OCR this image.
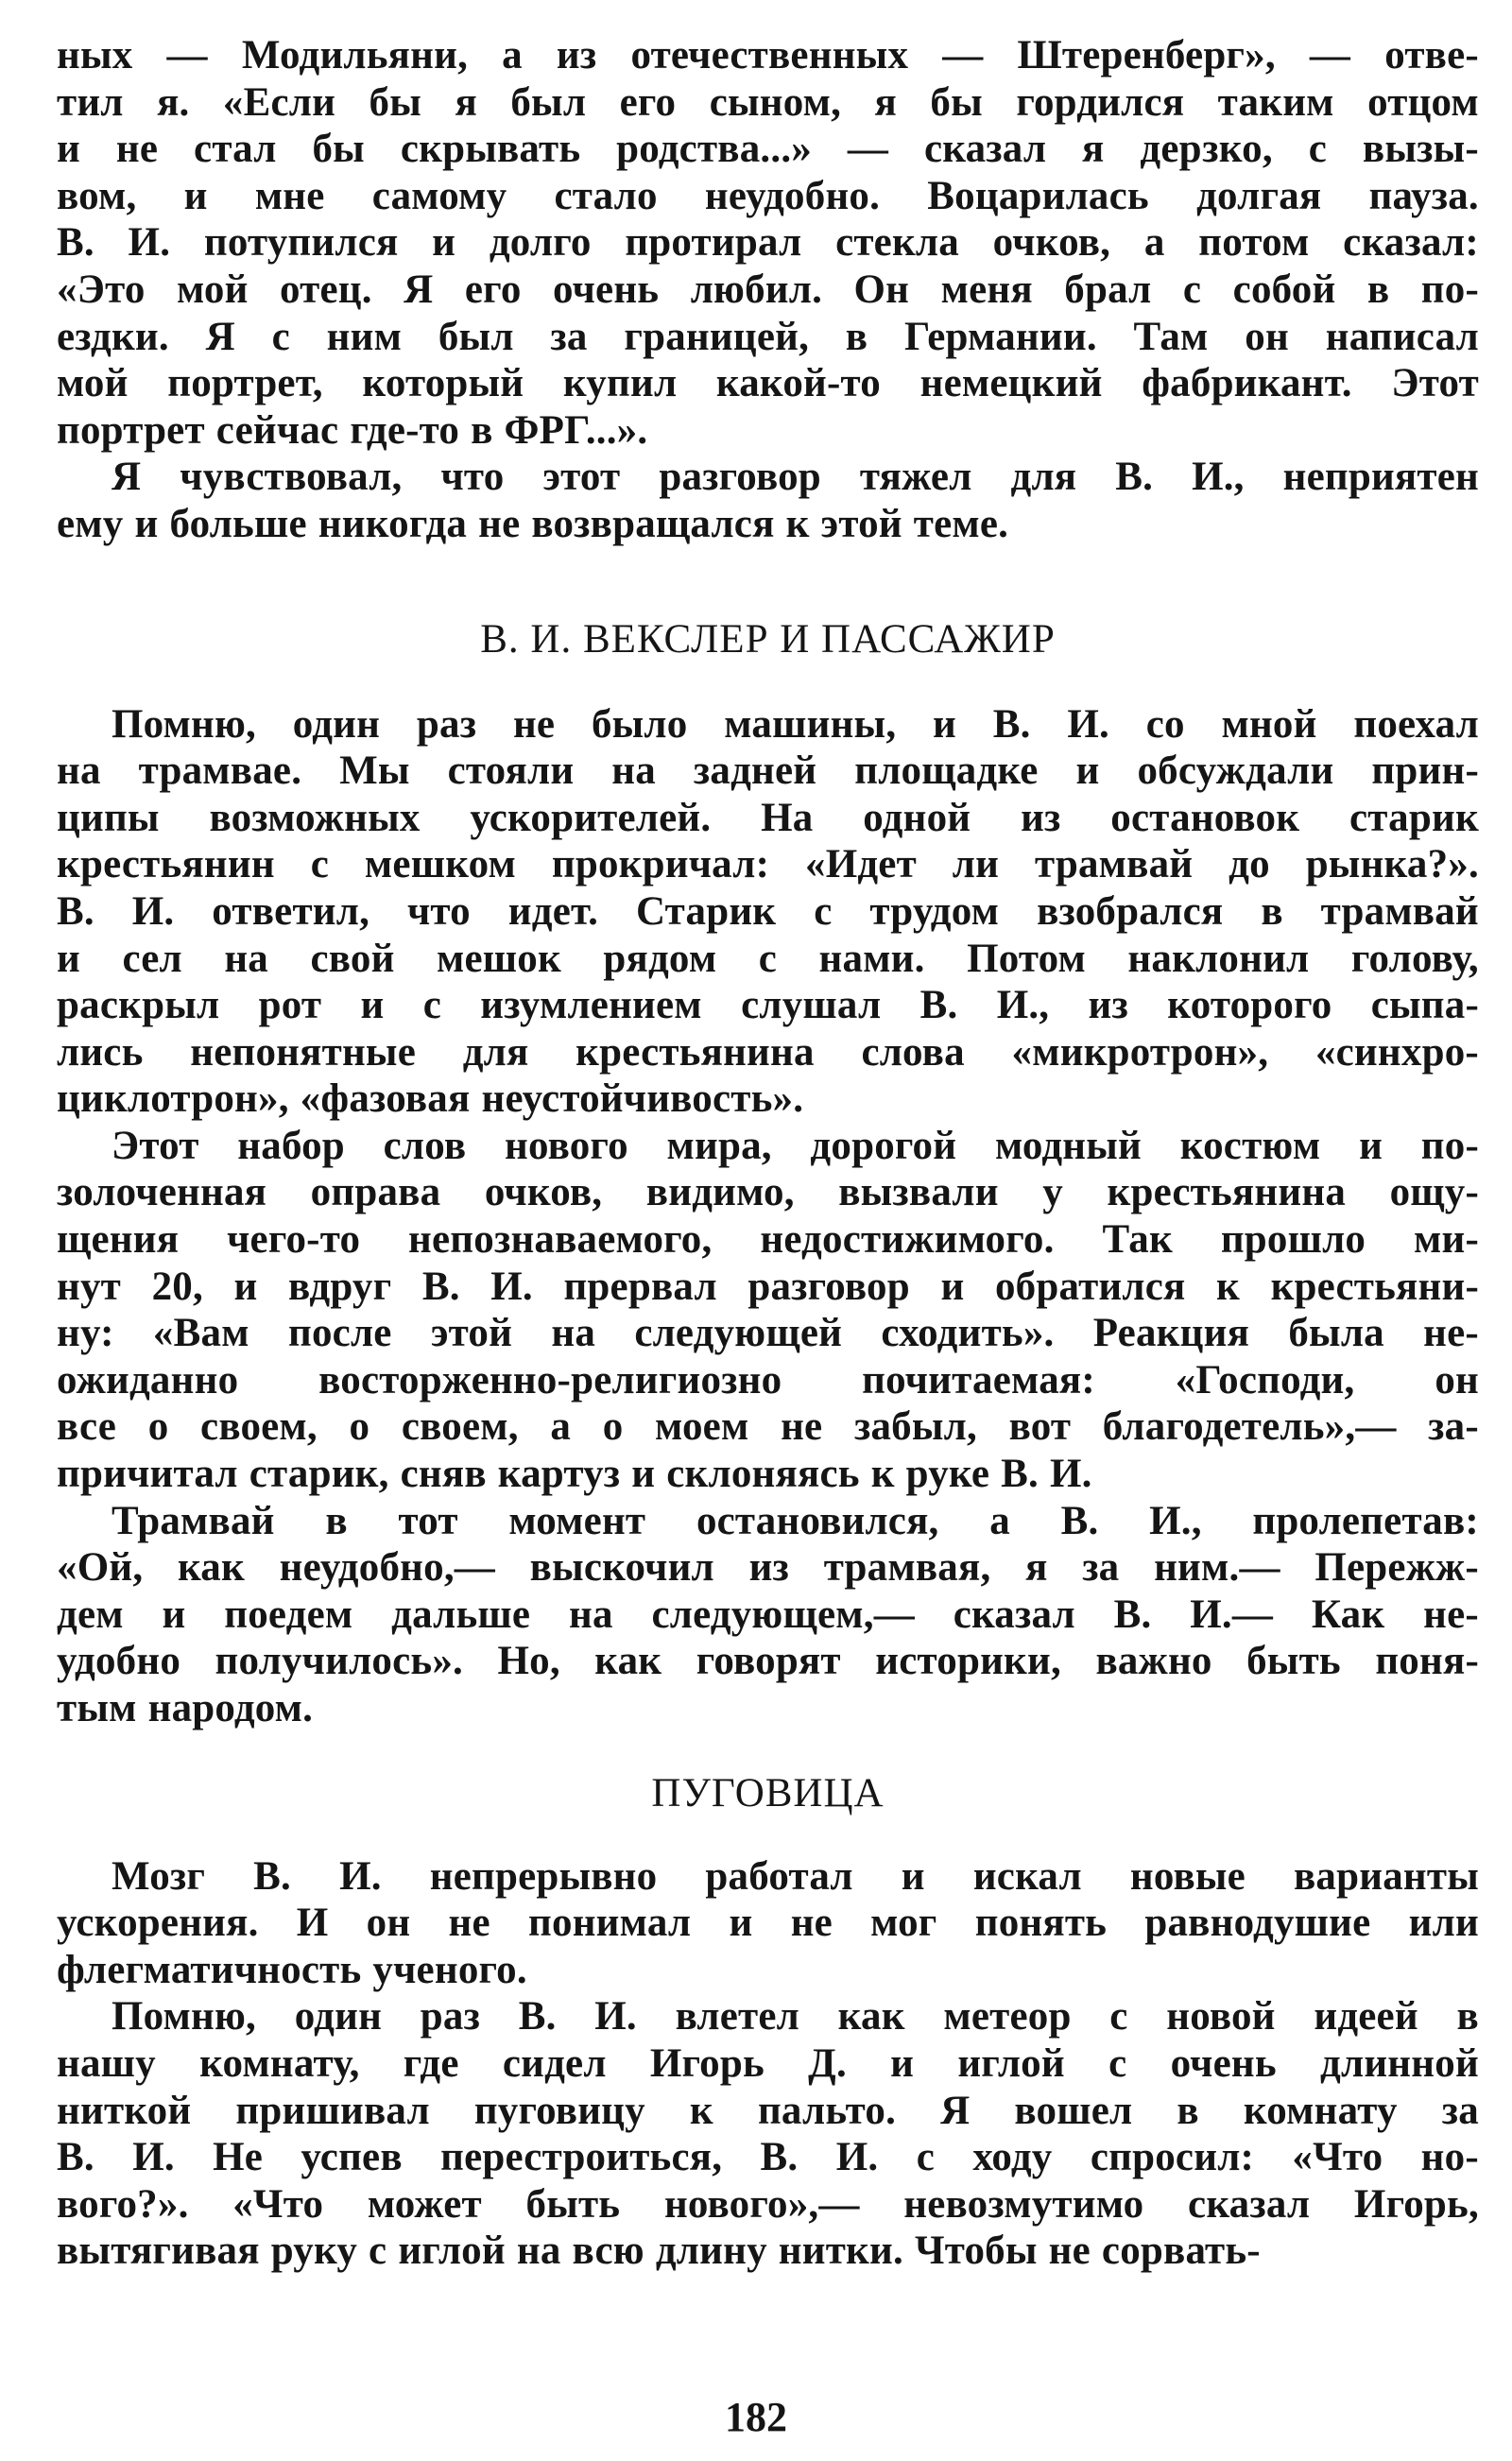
ных — Модильяни, а из отечественных — Штеренберг», — отве-
тил я. «Если бы я был его сыном, я бы гордился таким отцом
и не стал бы скрывать родства...» — сказал я дерзко, с вызы-
вом, и мне самому стало неудобно. Воцарилась долгая пауза.
В. И. потупился и долго протирал стекла очков, а потом сказал:
«Это мой отец. Я его очень любил. Он меня брал с собой в по-
ездки. Я с ним был за границей, в Германии. Там он написал
мой портрет, который купил какой-то немецкий фабрикант. Этот
портрет сейчас где-то в ФРГ...».
Я чувствовал, что этот разговор тяжел для В. И., неприятен
ему и больше никогда не возвращался к этой теме.
В. И. ВЕКСЛЕР И ПАССАЖИР
Помню, один раз не было машины, и В. И. со мной поехал
на трамвае. Мы стояли на задней площадке и обсуждали прин-
ципы возможных ускорителей. На одной из остановок старик
крестьянин с мешком прокричал: «Идет ли трамвай до рынка?».
В. И. ответил, что идет. Старик с трудом взобрался в трамвай
и сел на свой мешок рядом с нами. Потом наклонил голову,
раскрыл рот и с изумлением слушал В. И., из которого сыпа-
лись непонятные для крестьянина слова «микротрон», «синхро-
циклотрон», «фазовая неустойчивость».
Этот набор слов нового мира, дорогой модный костюм и по-
золоченная оправа очков, видимо, вызвали у крестьянина ощу-
щения чего-то непознаваемого, недостижимого. Так прошло ми-
нут 20, и вдруг В. И. прервал разговор и обратился к крестьяни-
ну: «Вам после этой на следующей сходить». Реакция была не-
ожиданно восторженно-религиозно почитаемая: «Господи, он
все о своем, о своем, а о моем не забыл, вот благодетель»,— за-
причитал старик, сняв картуз и склоняясь к руке В. И.
Трамвай в тот момент остановился, а В. И., пролепетав:
«Ой, как неудобно,— выскочил из трамвая, я за ним.— Пережж-
дем и поедем дальше на следующем,— сказал В. И.— Как не-
удобно получилось». Но, как говорят историки, важно быть поня-
тым народом.
ПУГОВИЦА
Мозг В. И. непрерывно работал и искал новые варианты
ускорения. И он не понимал и не мог понять равнодушие или
флегматичность ученого.
Помню, один раз В. И. влетел как метеор с новой идеей в
нашу комнату, где сидел Игорь Д. и иглой с очень длинной
ниткой пришивал пуговицу к пальто. Я вошел в комнату за
В. И. Не успев перестроиться, В. И. с ходу спросил: «Что но-
вого?». «Что может быть нового»,— невозмутимо сказал Игорь,
вытягивая руку с иглой на всю длину нитки. Чтобы не сорвать-
182
